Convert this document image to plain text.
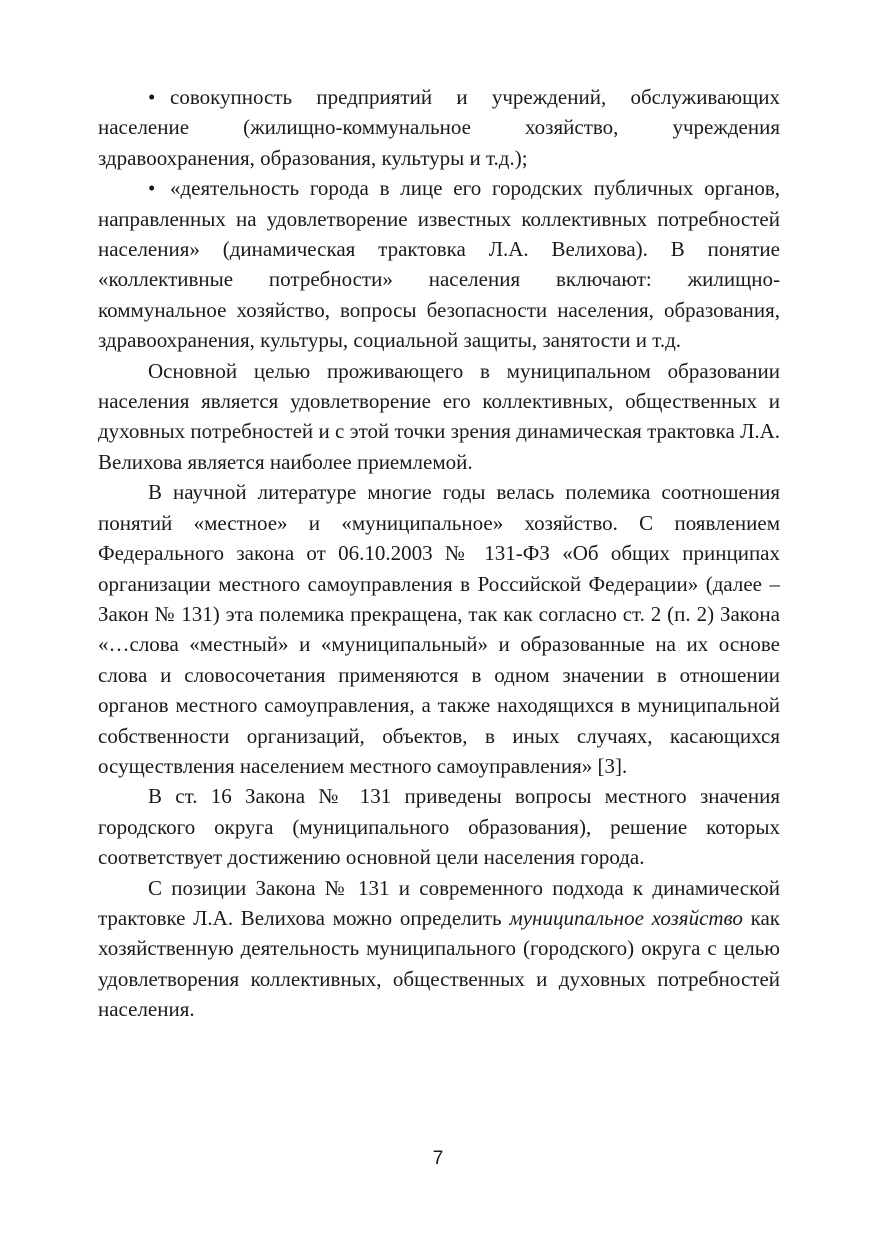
• совокупность предприятий и учреждений, обслуживающих население (жилищно-коммунальное хозяйство, учреждения здравоохранения, образования, культуры и т.д.);

• «деятельность города в лице его городских публичных органов, направленных на удовлетворение известных коллективных потребностей населения» (динамическая трактовка Л.А. Велихова). В понятие «коллективные потребности» населения включают: жилищно-коммунальное хозяйство, вопросы безопасности населения, образования, здравоохранения, культуры, социальной защиты, занятости и т.д.

Основной целью проживающего в муниципальном образовании населения является удовлетворение его коллективных, общественных и духовных потребностей и с этой точки зрения динамическая трактовка Л.А. Велихова является наиболее приемлемой.

В научной литературе многие годы велась полемика соотношения понятий «местное» и «муниципальное» хозяйство. С появлением Федерального закона от 06.10.2003 № 131-ФЗ «Об общих принципах организации местного самоуправления в Российской Федерации» (далее – Закон № 131) эта полемика прекращена, так как согласно ст. 2 (п. 2) Закона «…слова «местный» и «муниципальный» и образованные на их основе слова и словосочетания применяются в одном значении в отношении органов местного самоуправления, а также находящихся в муниципальной собственности организаций, объектов, в иных случаях, касающихся осуществления населением местного самоуправления» [3].

В ст. 16 Закона № 131 приведены вопросы местного значения городского округа (муниципального образования), решение которых соответствует достижению основной цели населения города.

С позиции Закона № 131 и современного подхода к динамической трактовке Л.А. Велихова можно определить муниципальное хозяйство как хозяйственную деятельность муниципального (городского) округа с целью удовлетворения коллективных, общественных и духовных потребностей населения.

7
